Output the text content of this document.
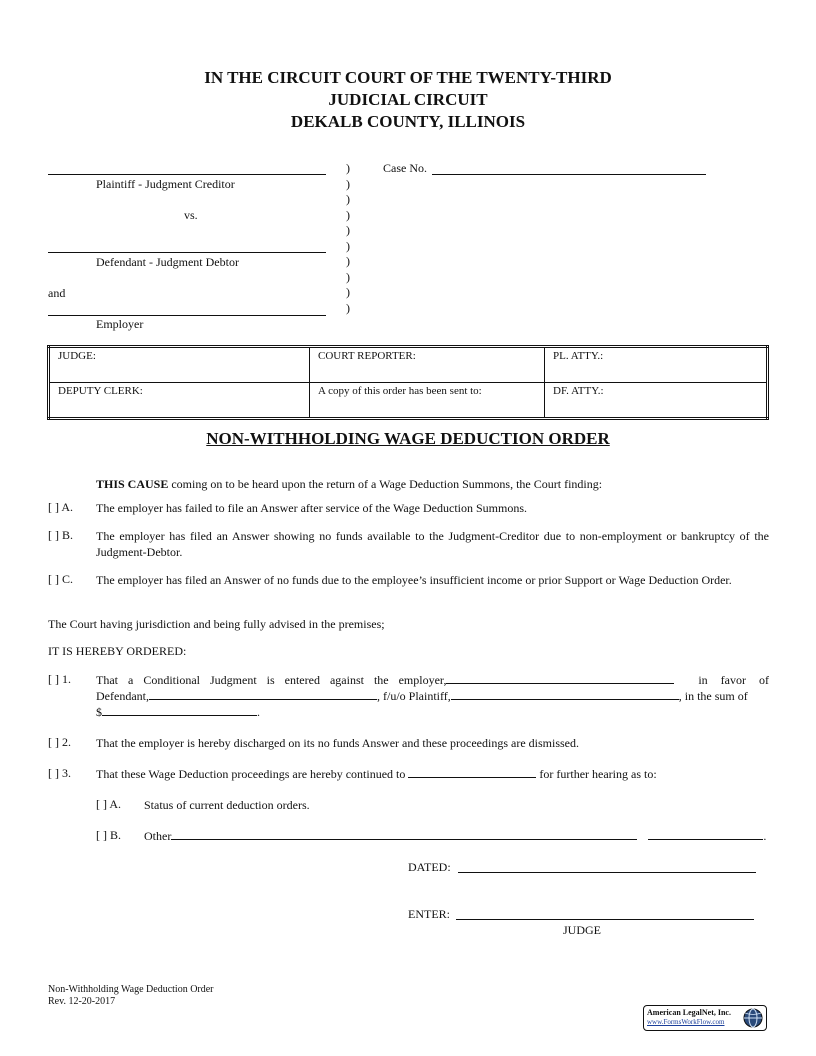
IN THE CIRCUIT COURT OF THE TWENTY-THIRD
JUDICIAL CIRCUIT
DEKALB COUNTY, ILLINOIS
Plaintiff - Judgment Creditor
vs.
Defendant - Judgment Debtor
and
Employer
)
)
)
)
)
)
)
)
)
)
Case No.
JUDGE:	COURT REPORTER:	PL. ATTY.:
DEPUTY CLERK:	A copy of this order has been sent to:	DF. ATTY.:
NON-WITHHOLDING WAGE DEDUCTION ORDER
THIS CAUSE coming on to be heard upon the return of a Wage Deduction Summons, the Court finding:
[ ] A. The employer has failed to file an Answer after service of the Wage Deduction Summons.
[ ] B. The employer has filed an Answer showing no funds available to the Judgment-Creditor due to non-employment or bankruptcy of the Judgment-Debtor.
[ ] C. The employer has filed an Answer of no funds due to the employee’s insufficient income or prior Support or Wage Deduction Order.
The Court having jurisdiction and being fully advised in the premises;
IT IS HEREBY ORDERED:
[ ] 1. That a Conditional Judgment is entered against the employer,	in favor of
Defendant,	, f/u/o Plaintiff,	, in the sum of
$	.
[ ] 2. That the employer is hereby discharged on its no funds Answer and these proceedings are dismissed.
[ ] 3. That these Wage Deduction proceedings are hereby continued to	for further hearing as to:
[ ] A. Status of current deduction orders.
[ ] B. Other	.
DATED:
ENTER:
JUDGE
Non-Withholding Wage Deduction Order
Rev. 12-20-2017
American LegalNet, Inc.
www.FormsWorkFlow.com
